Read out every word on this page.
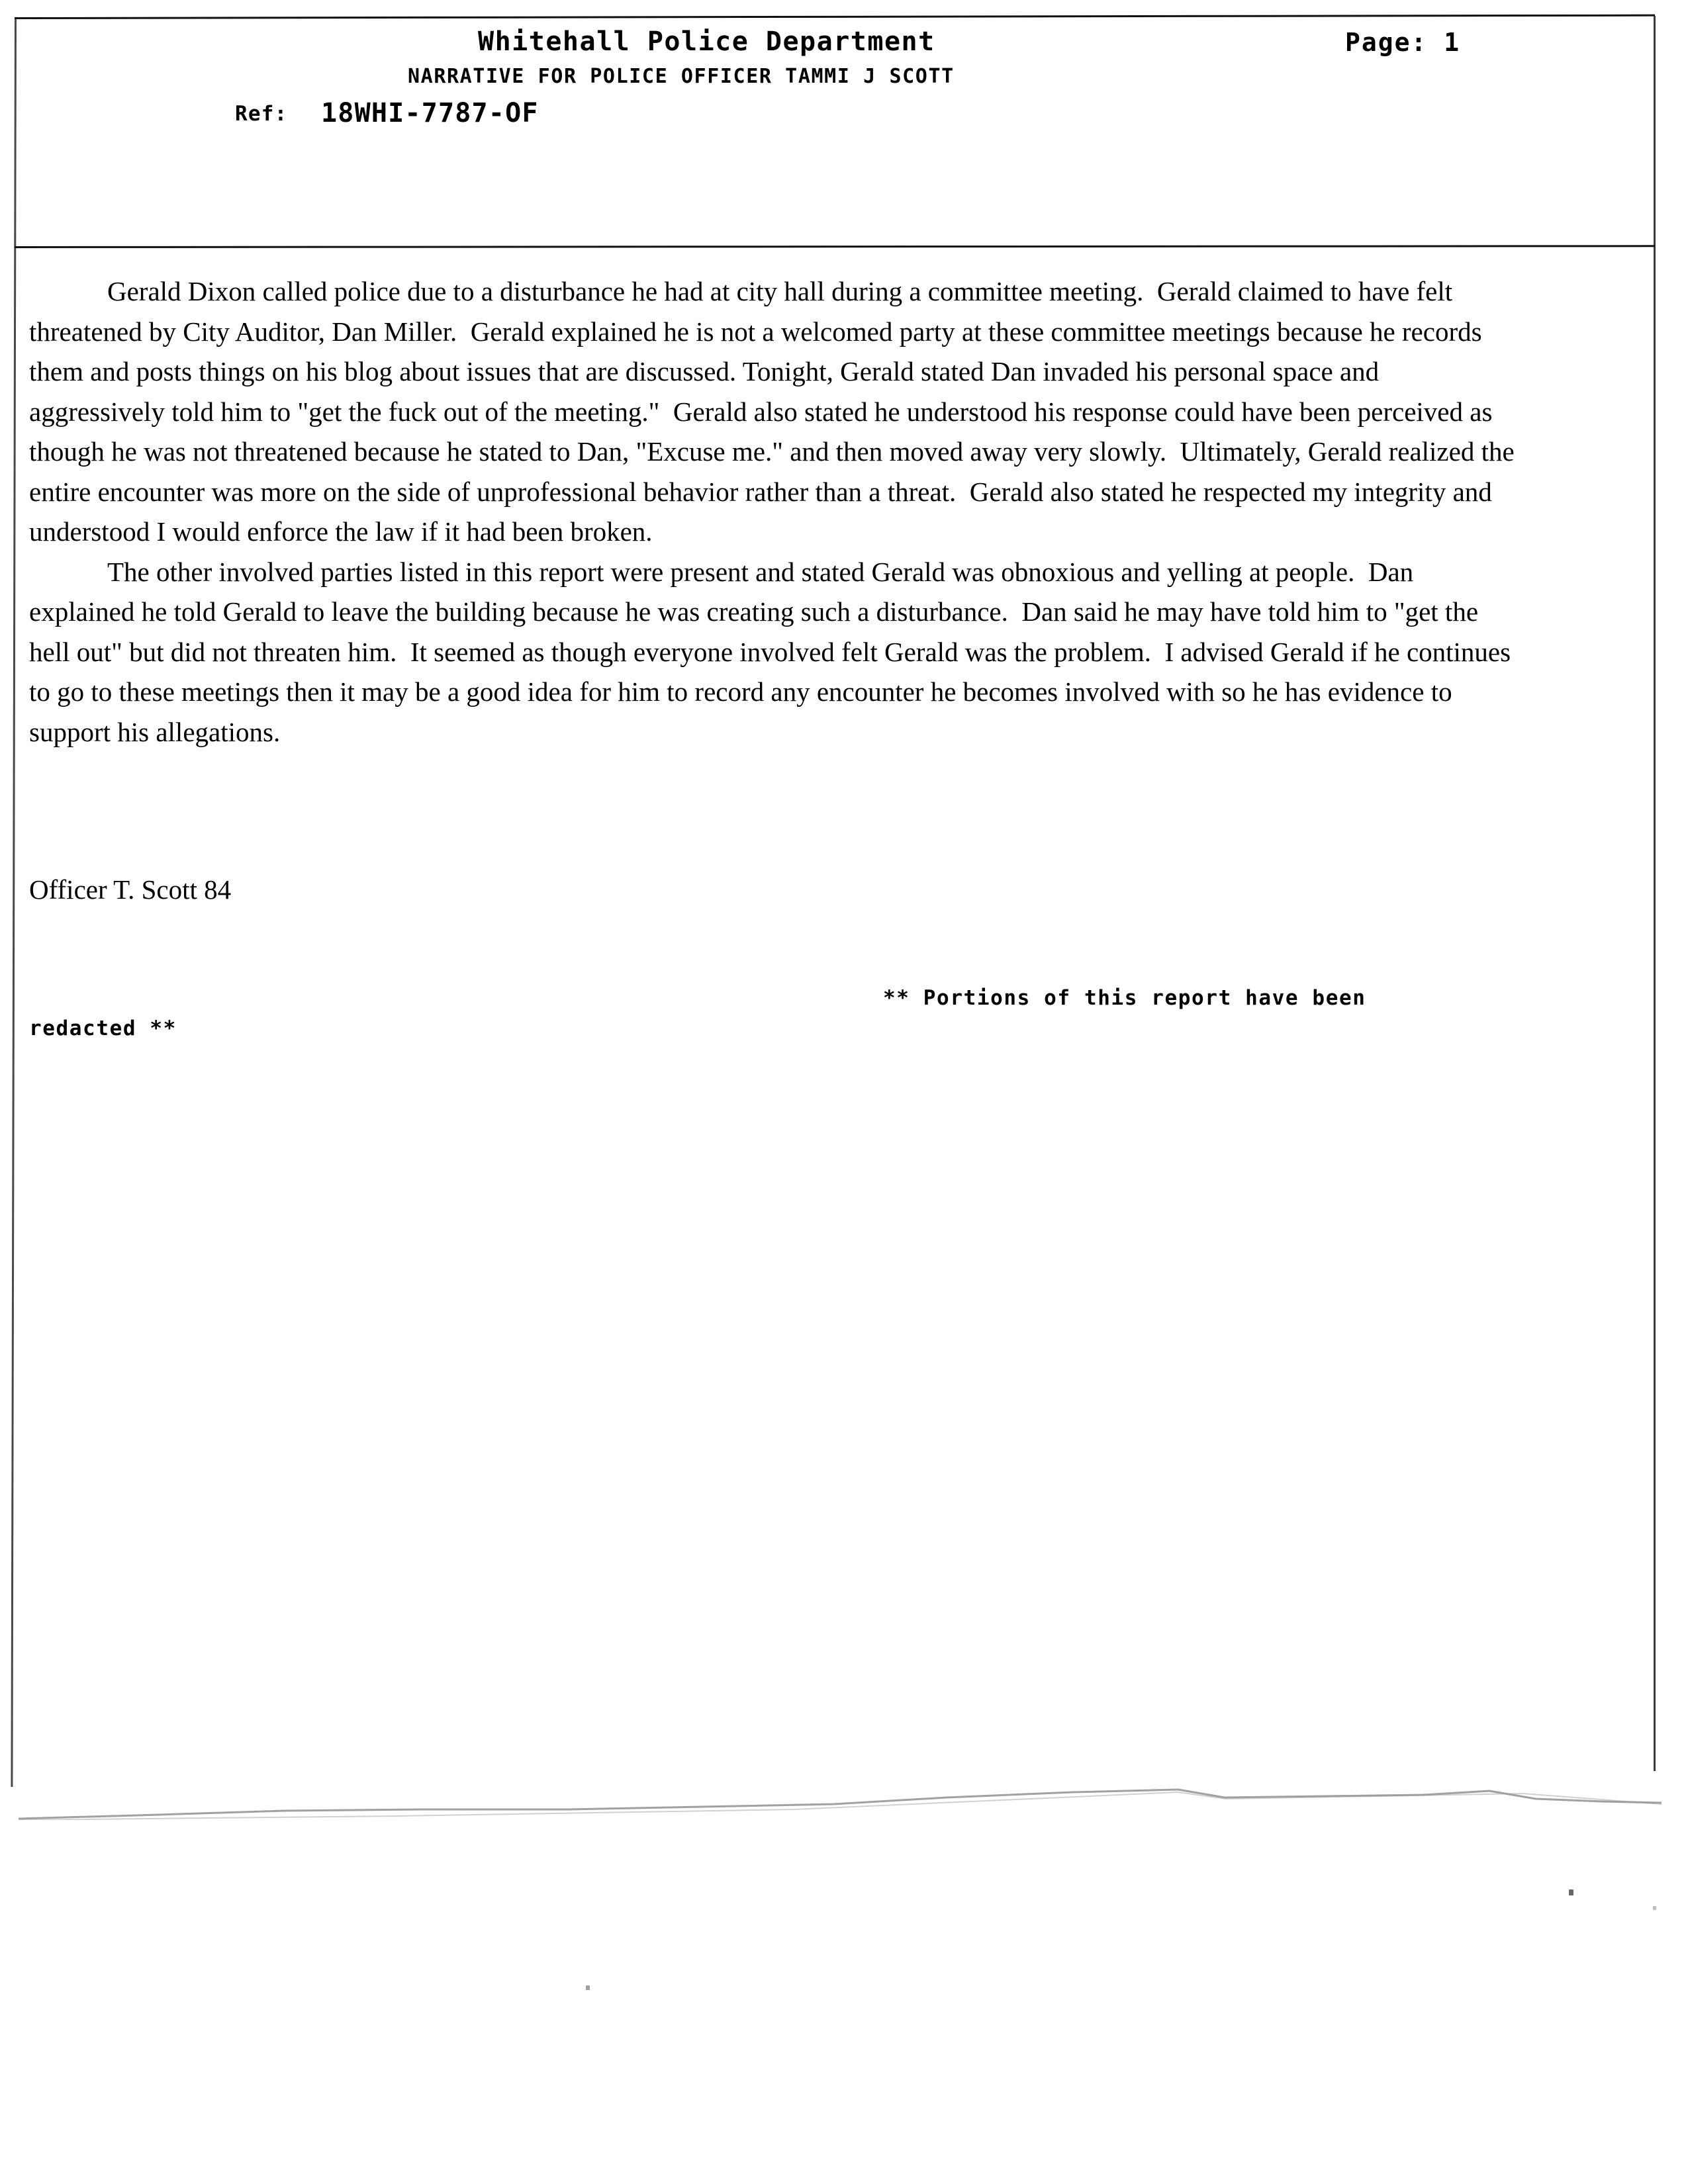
Whitehall Police Department	Page: 1
NARRATIVE FOR POLICE OFFICER TAMMI J SCOTT
Ref: 18WHI-7787-OF

Gerald Dixon called police due to a disturbance he had at city hall during a committee meeting.  Gerald claimed to have felt threatened by City Auditor, Dan Miller.  Gerald explained he is not a welcomed party at these committee meetings because he records them and posts things on his blog about issues that are discussed. Tonight, Gerald stated Dan invaded his personal space and aggressively told him to "get the fuck out of the meeting."  Gerald also stated he understood his response could have been perceived as though he was not threatened because he stated to Dan, "Excuse me." and then moved away very slowly.  Ultimately, Gerald realized the entire encounter was more on the side of unprofessional behavior rather than a threat.  Gerald also stated he respected my integrity and understood I would enforce the law if it had been broken.

The other involved parties listed in this report were present and stated Gerald was obnoxious and yelling at people.  Dan explained he told Gerald to leave the building because he was creating such a disturbance.  Dan said he may have told him to "get the hell out" but did not threaten him.  It seemed as though everyone involved felt Gerald was the problem.  I advised Gerald if he continues to go to these meetings then it may be a good idea for him to record any encounter he becomes involved with so he has evidence to support his allegations.

Officer T. Scott 84
** Portions of this report have been
redacted **
